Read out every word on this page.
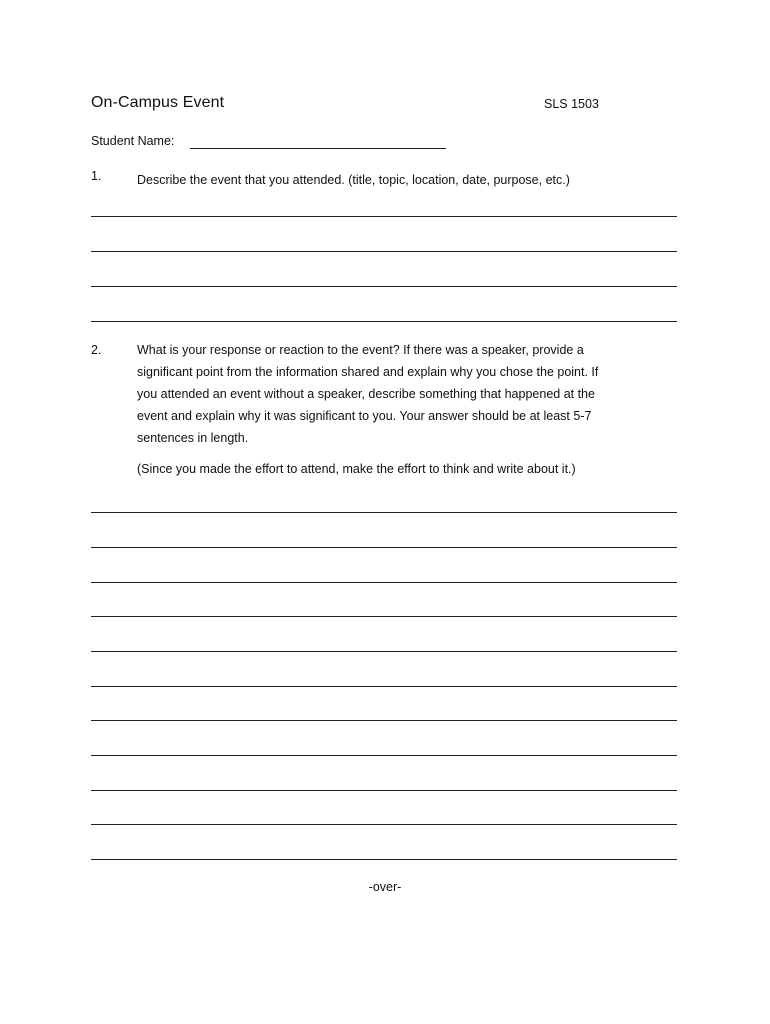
On-Campus Event	SLS 1503
Student Name:
1.	Describe the event that you attended. (title, topic, location, date, purpose, etc.)
2.	What is your response or reaction to the event? If there was a speaker, provide a
significant point from the information shared and explain why you chose the point. If
you attended an event without a speaker, describe something that happened at the
event and explain why it was significant to you. Your answer should be at least 5-7
sentences in length.
(Since you made the effort to attend, make the effort to think and write about it.)
-over-
